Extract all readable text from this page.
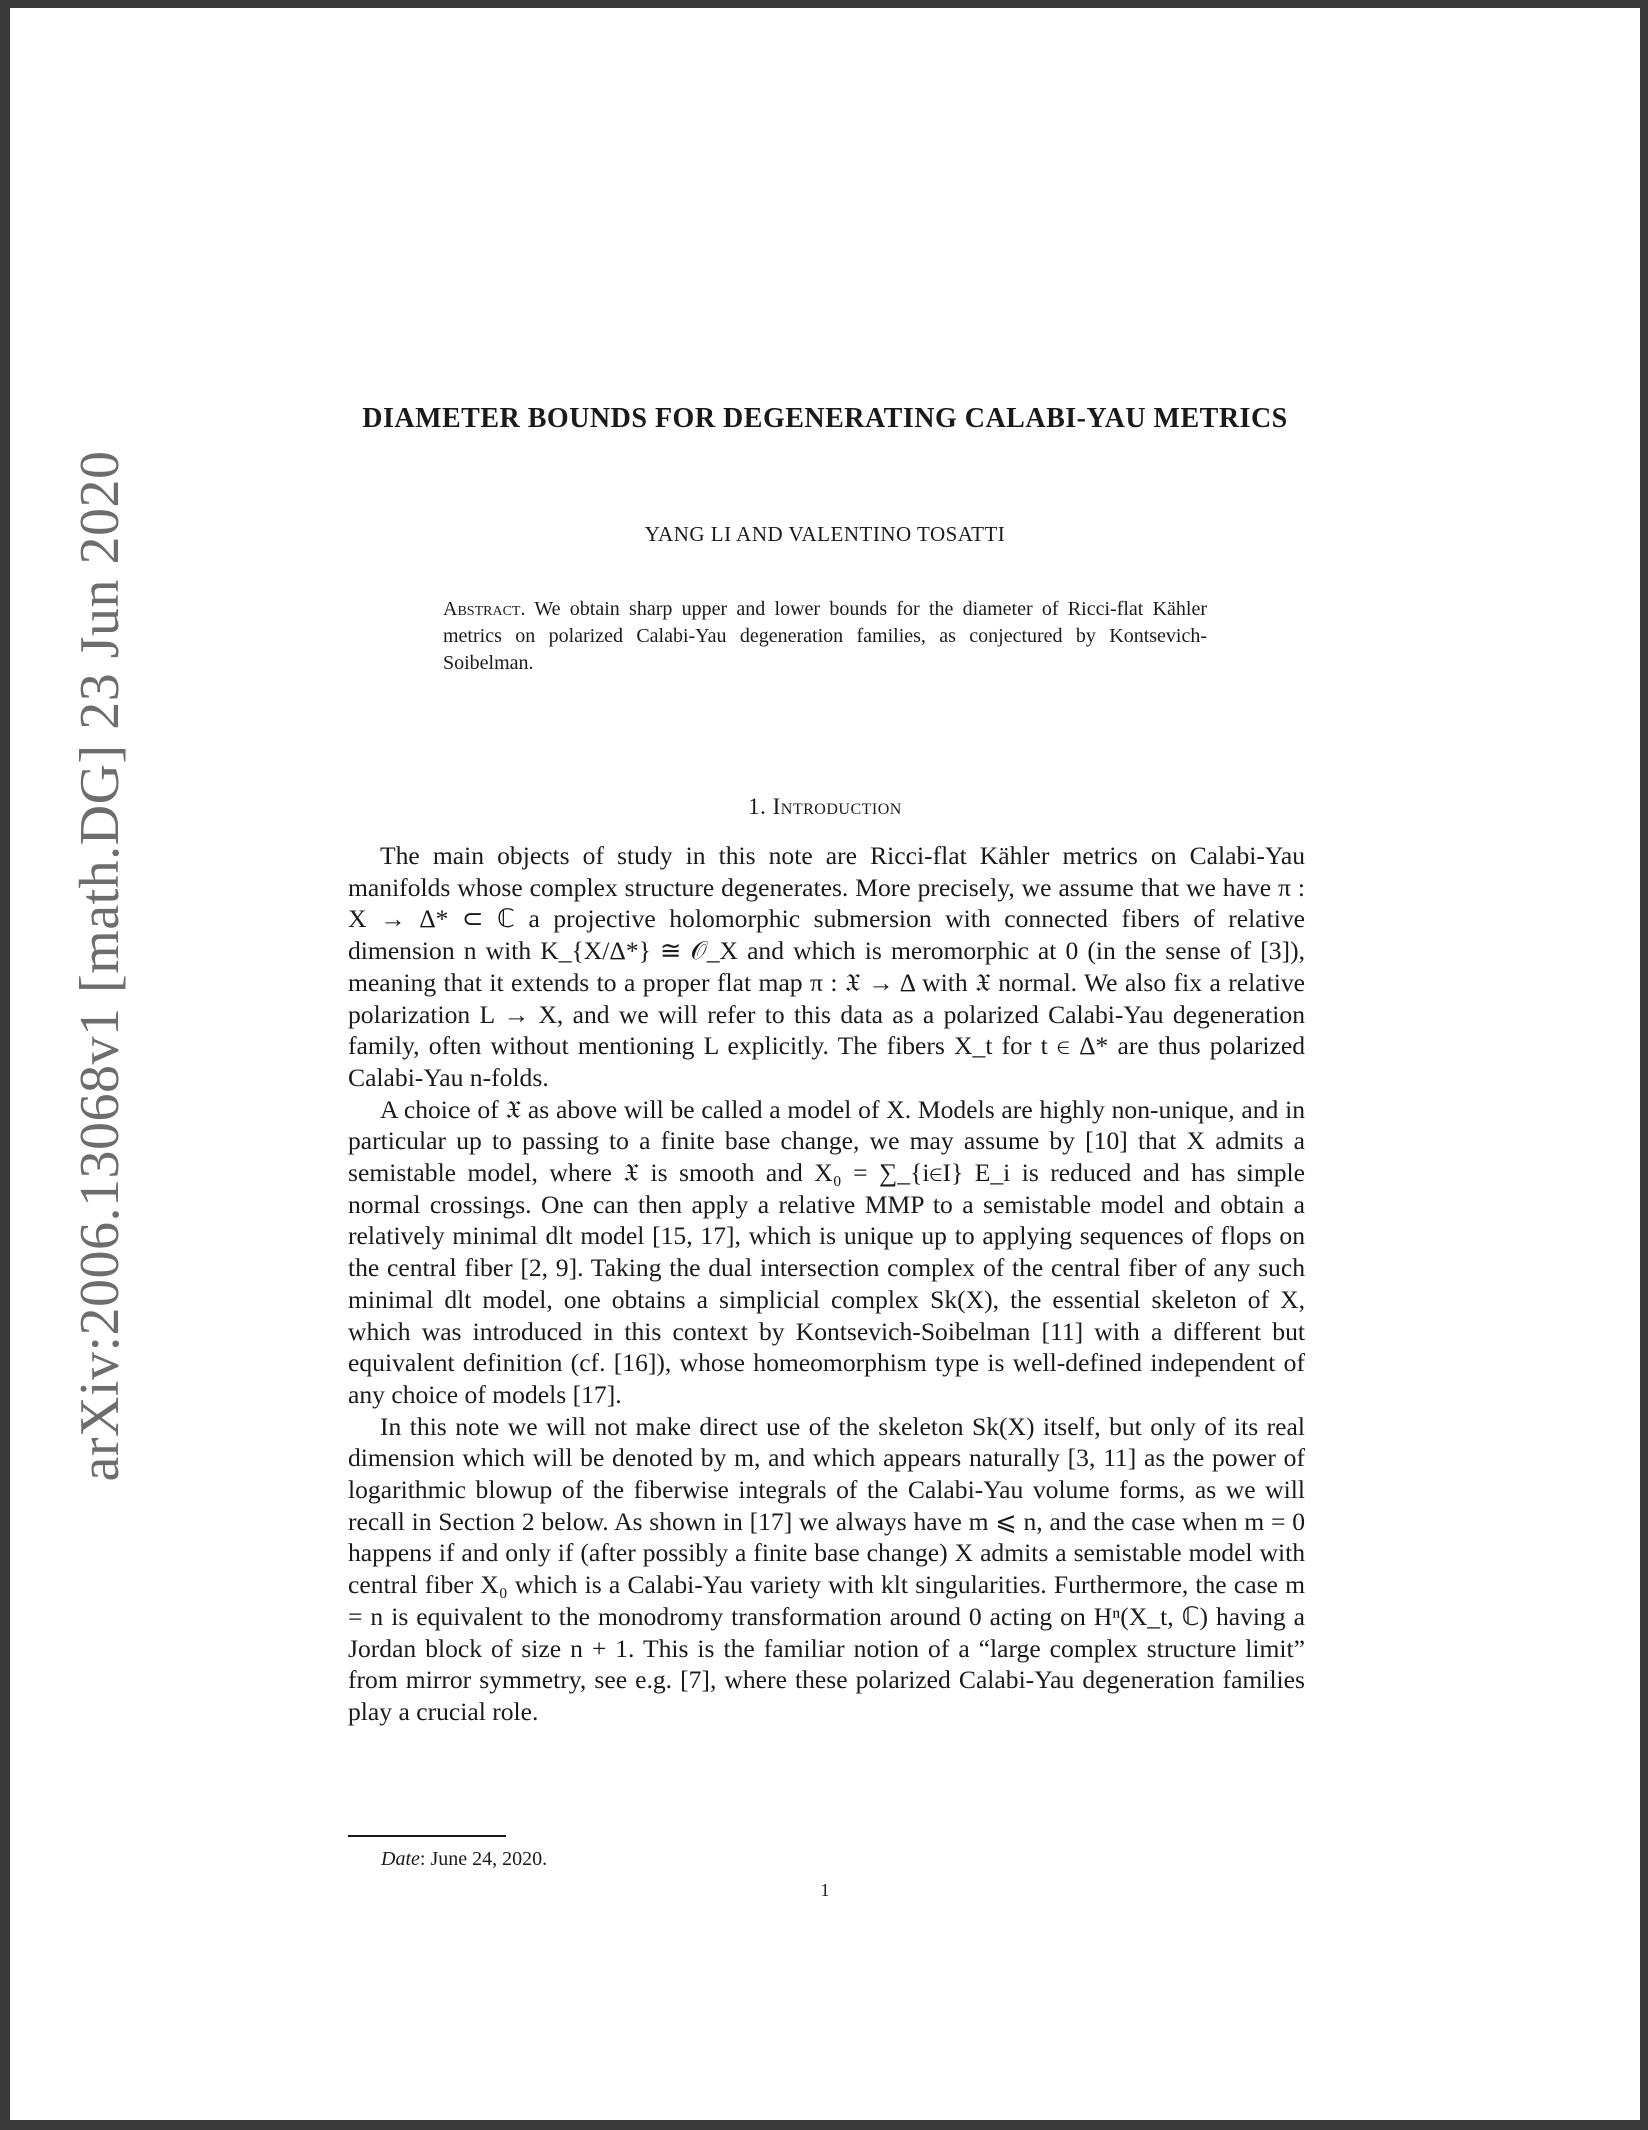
arXiv:2006.13068v1 [math.DG] 23 Jun 2020
DIAMETER BOUNDS FOR DEGENERATING CALABI-YAU METRICS
YANG LI AND VALENTINO TOSATTI
Abstract. We obtain sharp upper and lower bounds for the diameter of Ricci-flat Kähler metrics on polarized Calabi-Yau degeneration families, as conjectured by Kontsevich-Soibelman.
1. Introduction

The main objects of study in this note are Ricci-flat Kähler metrics on Calabi-Yau manifolds whose complex structure degenerates. More precisely, we assume that we have π : X → Δ* ⊂ ℂ a projective holomorphic submersion with connected fibers of relative dimension n with K_{X/Δ*} ≅ 𝒪_X and which is meromorphic at 0 (in the sense of [3]), meaning that it extends to a proper flat map π : 𝔛 → Δ with 𝔛 normal. We also fix a relative polarization L → X, and we will refer to this data as a polarized Calabi-Yau degeneration family, often without mentioning L explicitly. The fibers X_t for t ∈ Δ* are thus polarized Calabi-Yau n-folds.

A choice of 𝔛 as above will be called a model of X. Models are highly non-unique, and in particular up to passing to a finite base change, we may assume by [10] that X admits a semistable model, where 𝔛 is smooth and X₀ = ∑_{i∈I} E_i is reduced and has simple normal crossings. One can then apply a relative MMP to a semistable model and obtain a relatively minimal dlt model [15, 17], which is unique up to applying sequences of flops on the central fiber [2, 9]. Taking the dual intersection complex of the central fiber of any such minimal dlt model, one obtains a simplicial complex Sk(X), the essential skeleton of X, which was introduced in this context by Kontsevich-Soibelman [11] with a different but equivalent definition (cf. [16]), whose homeomorphism type is well-defined independent of any choice of models [17].

In this note we will not make direct use of the skeleton Sk(X) itself, but only of its real dimension which will be denoted by m, and which appears naturally [3, 11] as the power of logarithmic blowup of the fiberwise integrals of the Calabi-Yau volume forms, as we will recall in Section 2 below. As shown in [17] we always have m ⩽ n, and the case when m = 0 happens if and only if (after possibly a finite base change) X admits a semistable model with central fiber X₀ which is a Calabi-Yau variety with klt singularities. Furthermore, the case m = n is equivalent to the monodromy transformation around 0 acting on Hⁿ(X_t, ℂ) having a Jordan block of size n + 1. This is the familiar notion of a “large complex structure limit” from mirror symmetry, see e.g. [7], where these polarized Calabi-Yau degeneration families play a crucial role.

Date: June 24, 2020.
1
